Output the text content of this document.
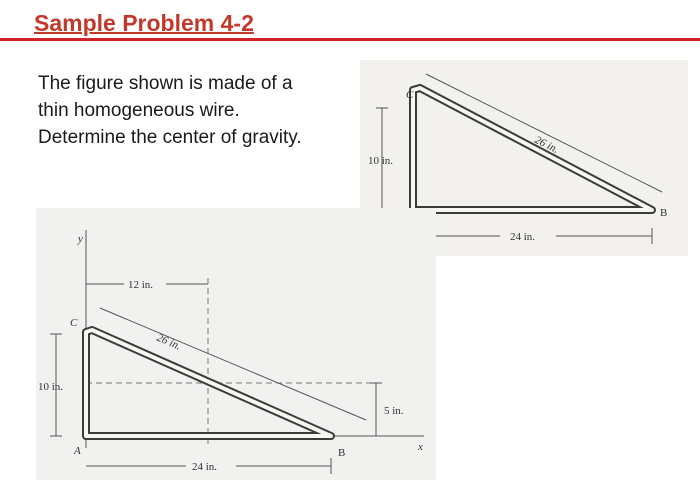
Sample Problem 4-2
The figure shown is made of a
thin homogeneous wire.
Determine the center of gravity.
C
B
10 in.
26 in.
24 in.
y
C
A	B	x
12 in.
26 in.
10 in.
5 in.
24 in.
